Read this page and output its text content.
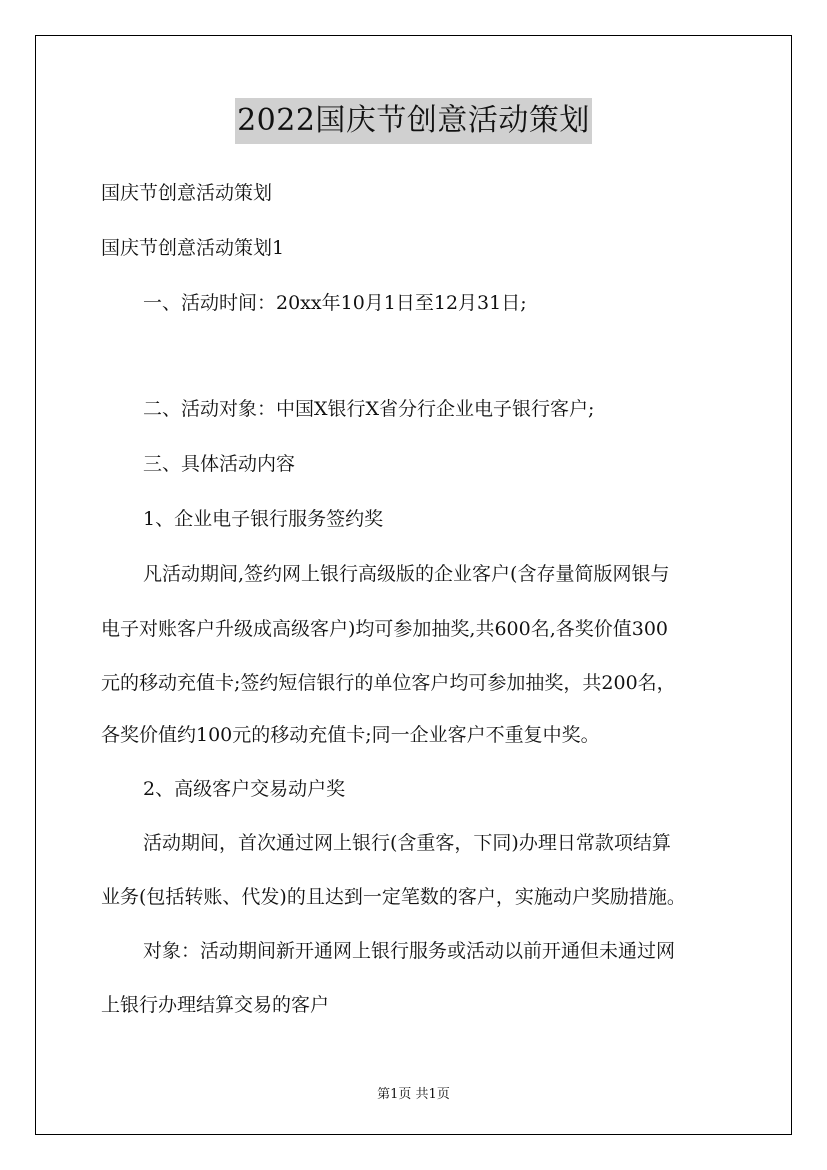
2022国庆节创意活动策划
国庆节创意活动策划
国庆节创意活动策划1
一、活动时间：20xx年10月1日至12月31日;
二、活动对象：中国X银行X省分行企业电子银行客户;
三、具体活动内容
1、企业电子银行服务签约奖
凡活动期间,签约网上银行高级版的企业客户(含存量简版网银与
电子对账客户升级成高级客户)均可参加抽奖,共600名,各奖价值300
元的移动充值卡;签约短信银行的单位客户均可参加抽奖，共200名，
各奖价值约100元的移动充值卡;同一企业客户不重复中奖。
2、高级客户交易动户奖
活动期间，首次通过网上银行(含重客，下同)办理日常款项结算
业务(包括转账、代发)的且达到一定笔数的客户，实施动户奖励措施。
对象：活动期间新开通网上银行服务或活动以前开通但未通过网
上银行办理结算交易的客户
第1页 共1页
